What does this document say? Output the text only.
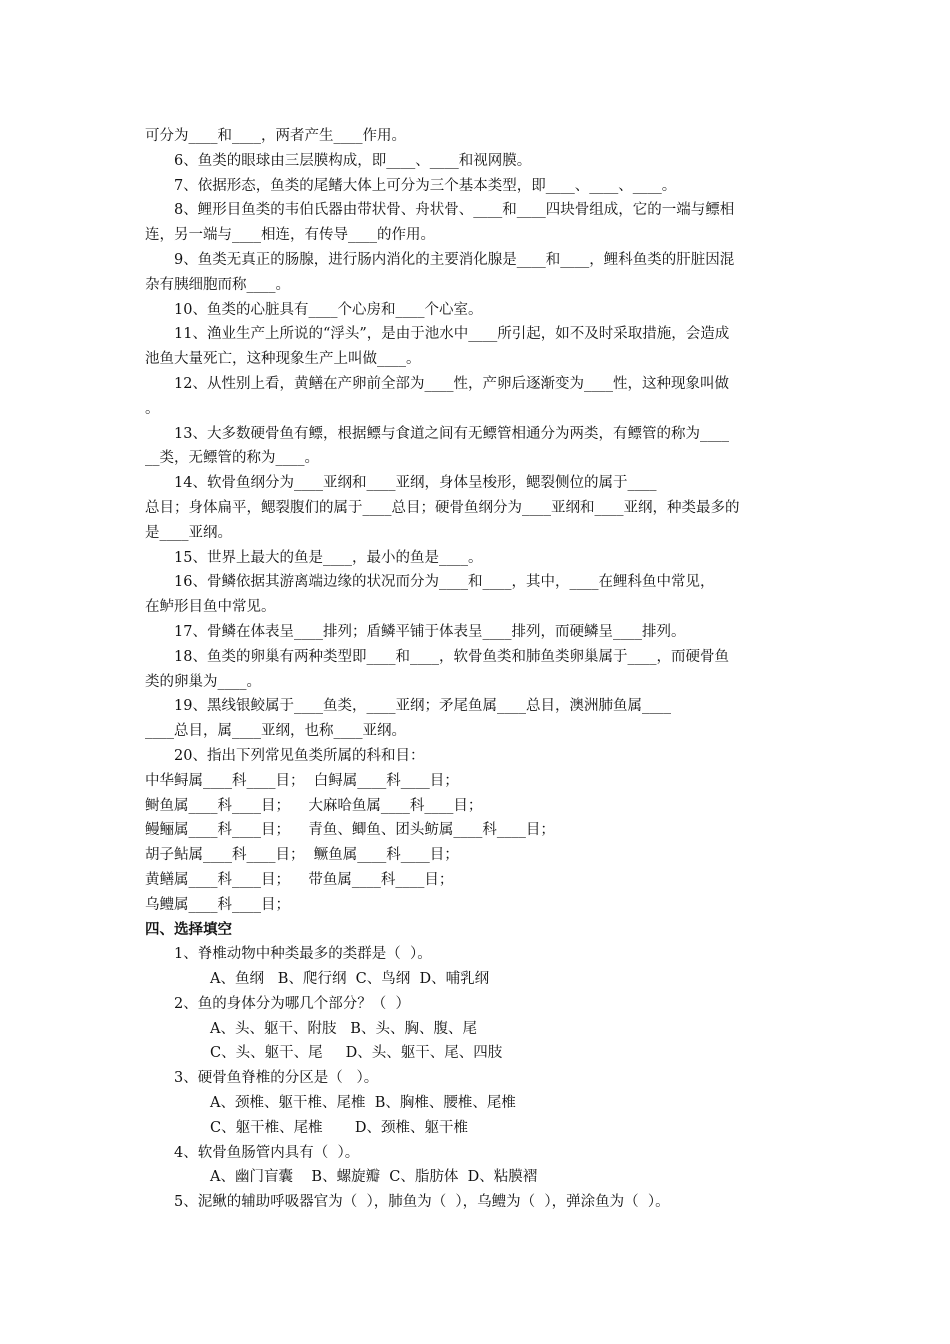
可分为____和____，两者产生____作用。

6、鱼类的眼球由三层膜构成，即____、____和视网膜。

7、依据形态，鱼类的尾鳍大体上可分为三个基本类型，即____、____、____。

8、鲤形目鱼类的韦伯氏器由带状骨、舟状骨、____和____四块骨组成，它的一端与鳔相

连，另一端与____相连，有传导____的作用。

9、鱼类无真正的肠腺，进行肠内消化的主要消化腺是____和____，鲤科鱼类的肝脏因混

杂有胰细胞而称____。

10、鱼类的心脏具有____个心房和____个心室。

11、渔业生产上所说的“浮头”，是由于池水中____所引起，如不及时采取措施，会造成

池鱼大量死亡，这种现象生产上叫做____。

12、从性别上看，黄鳝在产卵前全部为____性，产卵后逐渐变为____性，这种现象叫做

。

13、大多数硬骨鱼有鳔，根据鳔与食道之间有无鳔管相通分为两类，有鳔管的称为____

__类，无鳔管的称为____。

14、软骨鱼纲分为____亚纲和____亚纲，身体呈梭形，鳃裂侧位的属于____

总目；身体扁平，鳃裂腹们的属于____总目；硬骨鱼纲分为____亚纲和____亚纲，种类最多的

是____亚纲。

15、世界上最大的鱼是____，最小的鱼是____。

16、骨鳞依据其游离端边缘的状况而分为____和____，其中，____在鲤科鱼中常见，

在鲈形目鱼中常见。

17、骨鳞在体表呈____排列；盾鳞平铺于体表呈____排列，而硬鳞呈____排列。

18、鱼类的卵巢有两种类型即____和____，软骨鱼类和肺鱼类卵巢属于____，而硬骨鱼

类的卵巢为____。

19、黑线银鲛属于____鱼类，____亚纲；矛尾鱼属____总目，澳洲肺鱼属____

____总目，属____亚纲，也称____亚纲。

20、指出下列常见鱼类所属的科和目：

中华鲟属____科____目；  白鲟属____科____目；

鲥鱼属____科____目；    大麻哈鱼属____科____目；

鳗鲡属____科____目；    青鱼、鲫鱼、团头鲂属____科____目；

胡子鲇属____科____目；  鳜鱼属____科____目；

黄鳝属____科____目；    带鱼属____科____目；

乌鳢属____科____目；

四、选择填空

1、脊椎动物中种类最多的类群是（  ）。

A、鱼纲   B、爬行纲  C、鸟纲  D、哺乳纲

2、鱼的身体分为哪几个部分？（  ）

A、头、躯干、附肢   B、头、胸、腹、尾

C、头、躯干、尾     D、头、躯干、尾、四肢

3、硬骨鱼脊椎的分区是（   ）。

A、颈椎、躯干椎、尾椎  B、胸椎、腰椎、尾椎

C、躯干椎、尾椎       D、颈椎、躯干椎

4、软骨鱼肠管内具有（  ）。

A、幽门盲囊    B、螺旋瓣  C、脂肪体  D、粘膜褶

5、泥鳅的辅助呼吸器官为（  ），肺鱼为（  ），乌鳢为（  ），弹涂鱼为（  ）。
